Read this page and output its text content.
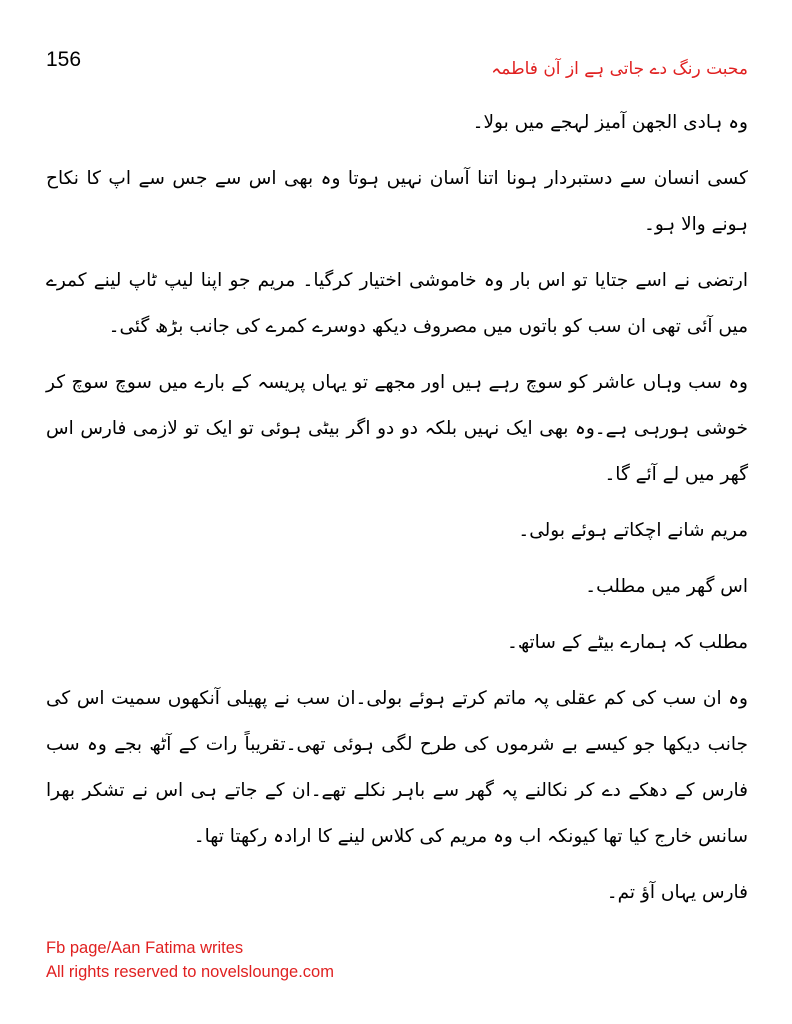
156	محبت رنگ دے جاتی ہے از آن فاطمہ

وہ ہادی الجھن آمیز لہجے میں بولا۔

کسی انسان سے دستبردار ہونا اتنا آسان نہیں ہوتا وہ بھی اس سے جس سے اپ کا نکاح ہونے والا ہو۔

ارتضی نے اسے جتایا تو اس بار وہ خاموشی اختیار کرگیا۔ مریم جو اپنا لیپ ٹاپ لینے کمرے میں آئی تھی ان سب کو باتوں میں مصروف دیکھ دوسرے کمرے کی جانب بڑھ گئی۔

وہ سب وہاں عاشر کو سوچ رہے ہیں اور مجھے تو یہاں پریسہ کے بارے میں سوچ سوچ کر خوشی ہورہی ہے۔وہ بھی ایک نہیں بلکہ دو دو اگر بیٹی ہوئی تو ایک تو لازمی فارس اس گھر میں لے آئے گا۔

مریم شانے اچکاتے ہوئے بولی۔

اس گھر میں مطلب۔

مطلب کہ ہمارے بیٹے کے ساتھ۔

وہ ان سب کی کم عقلی پہ ماتم کرتے ہوئے بولی۔ان سب نے پھیلی آنکھوں سمیت اس کی جانب دیکھا جو کیسے بے شرموں کی طرح لگی ہوئی تھی۔تقریباً رات کے آٹھ بجے وہ سب فارس کے دھکے دے کر نکالنے پہ گھر سے باہر نکلے تھے۔ان کے جاتے ہی اس نے تشکر بھرا سانس خارج کیا تھا کیونکہ اب وہ مریم کی کلاس لینے کا ارادہ رکھتا تھا۔

فارس یہاں آؤ تم۔

Fb page/Aan Fatima writes
All rights reserved to novelslounge.com
